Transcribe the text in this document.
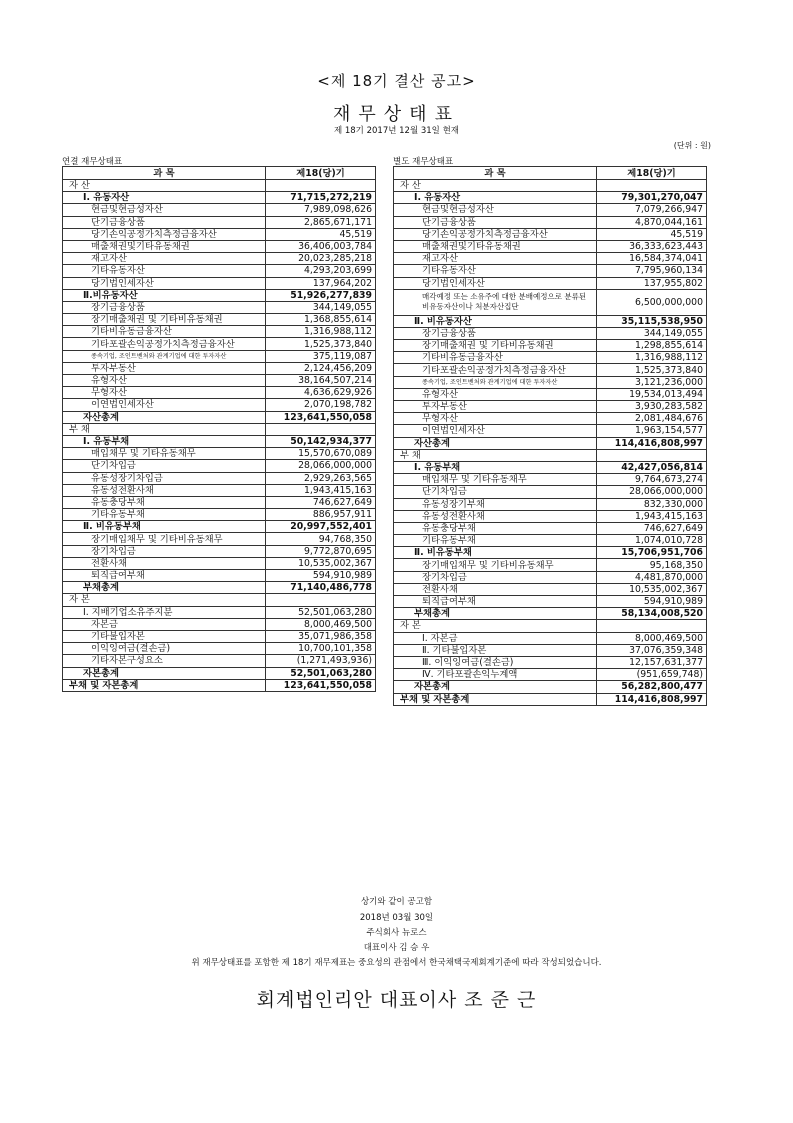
<제 18기 결산 공고>
재무상태표
제 18기 2017년 12월 31일 현재
(단위 : 원)
연결 재무상태표	별도 재무상태표
과 목	제18(당)기
자 산	
Ⅰ. 유동자산	71,715,272,219
현금및현금성자산	7,989,098,626
단기금융상품	2,865,671,171
당기손익공정가치측정금융자산	45,519
매출채권및기타유동채권	36,406,003,784
재고자산	20,023,285,218
기타유동자산	4,293,203,699
당기법인세자산	137,964,202
Ⅱ.비유동자산	51,926,277,839
장기금융상품	344,149,055
장기매출채권 및 기타비유동채권	1,368,855,614
기타비유동금융자산	1,316,988,112
기타포괄손익공정가치측정금융자산	1,525,373,840
종속기업, 조인트벤처와 관계기업에 대한 투자자산	375,119,087
투자부동산	2,124,456,209
유형자산	38,164,507,214
무형자산	4,636,629,926
이연법인세자산	2,070,198,782
자산총계	123,641,550,058
부 채	
Ⅰ. 유동부채	50,142,934,377
매입채무 및 기타유동채무	15,570,670,089
단기차입금	28,066,000,000
유동성장기차입금	2,929,263,565
유동성전환사채	1,943,415,163
유동충당부채	746,627,649
기타유동부채	886,957,911
Ⅱ. 비유동부채	20,997,552,401
장기매입채무 및 기타비유동채무	94,768,350
장기차입금	9,772,870,695
전환사채	10,535,002,367
퇴직급여부채	594,910,989
부채총계	71,140,486,778
자 본	
Ⅰ. 지배기업소유주지분	52,501,063,280
자본금	8,000,469,500
기타불입자본	35,071,986,358
이익잉여금(결손금)	10,700,101,358
기타자본구성요소	(1,271,493,936)
자본총계	52,501,063,280
부채 및 자본총계	123,641,550,058
과 목	제18(당)기
자 산	
Ⅰ. 유동자산	79,301,270,047
현금및현금성자산	7,079,266,947
단기금융상품	4,870,044,161
당기손익공정가치측정금융자산	45,519
매출채권및기타유동채권	36,333,623,443
재고자산	16,584,374,041
기타유동자산	7,795,960,134
당기법인세자산	137,955,802
매각예정 또는 소유주에 대한 분배예정으로 분류된 비유동자산이나 처분자산집단	6,500,000,000
Ⅱ. 비유동자산	35,115,538,950
장기금융상품	344,149,055
장기매출채권 및 기타비유동채권	1,298,855,614
기타비유동금융자산	1,316,988,112
기타포괄손익공정가치측정금융자산	1,525,373,840
종속기업, 조인트벤처와 관계기업에 대한 투자자산	3,121,236,000
유형자산	19,534,013,494
투자부동산	3,930,283,582
무형자산	2,081,484,676
이연법인세자산	1,963,154,577
자산총계	114,416,808,997
부 채	
Ⅰ. 유동부채	42,427,056,814
매입채무 및 기타유동채무	9,764,673,274
단기차입금	28,066,000,000
유동성장기부채	832,330,000
유동성전환사채	1,943,415,163
유동충당부채	746,627,649
기타유동부채	1,074,010,728
Ⅱ. 비유동부채	15,706,951,706
장기매입채무 및 기타비유동채무	95,168,350
장기차입금	4,481,870,000
전환사채	10,535,002,367
퇴직급여부채	594,910,989
부채총계	58,134,008,520
자 본	
Ⅰ. 자본금	8,000,469,500
Ⅱ. 기타불입자본	37,076,359,348
Ⅲ. 이익잉여금(결손금)	12,157,631,377
Ⅳ. 기타포괄손익누계액	(951,659,748)
자본총계	56,282,800,477
부채 및 자본총계	114,416,808,997
상기와 같이 공고함
2018년 03월 30일
주식회사 뉴로스
대표이사 김 승 우
위 재무상태표를 포함한 제 18기 재무제표는 중요성의 관점에서 한국채택국제회계기준에 따라 작성되었습니다.
회계법인리안 대표이사 조 준 근
